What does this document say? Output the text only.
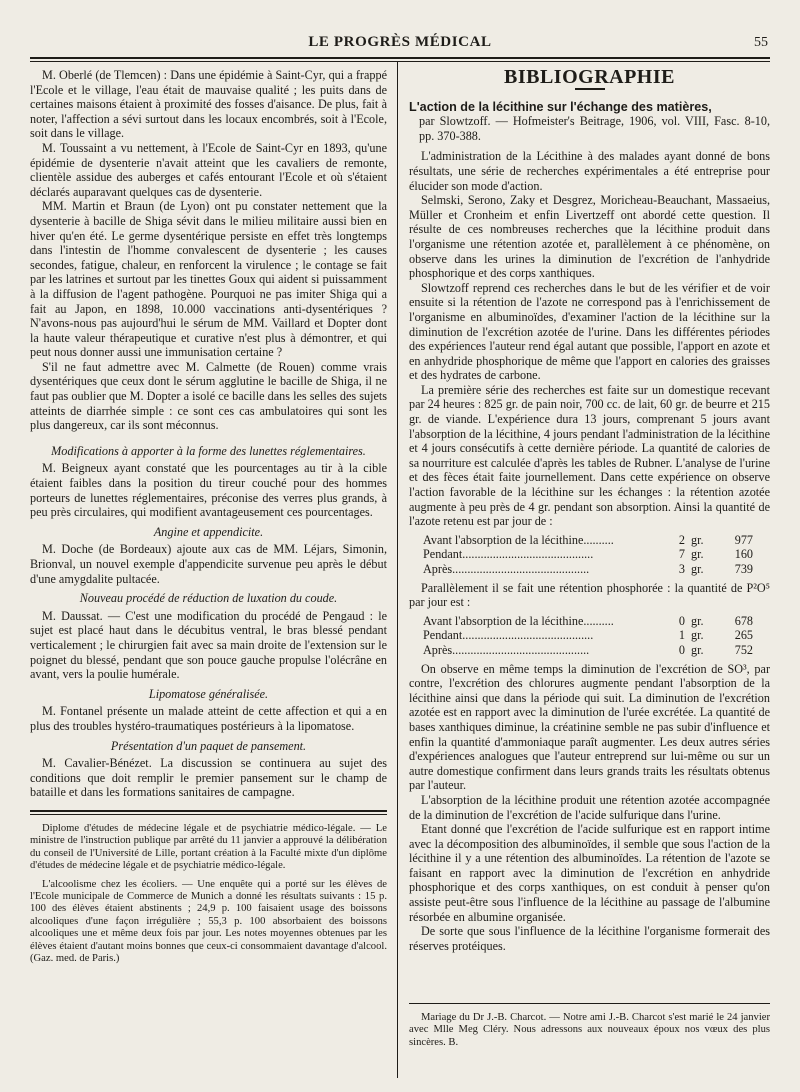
LE PROGRÈS MÉDICAL	55

M. Oberlé (de Tlemcen) : Dans une épidémie à Saint-Cyr, qui a frappé l'Ecole et le village, l'eau était de mauvaise qualité ; les puits dans de certaines maisons étaient à proximité des fosses d'aisance. De plus, fait à noter, l'affection a sévi surtout dans les locaux encombrés, soit à l'Ecole, soit dans le village.

M. Toussaint a vu nettement, à l'Ecole de Saint-Cyr en 1893, qu'une épidémie de dysenterie n'avait atteint que les cavaliers de remonte, clientèle assidue des auberges et cafés entourant l'Ecole et où s'étaient déclarés auparavant quelques cas de dysenterie.

MM. Martin et Braun (de Lyon) ont pu constater nettement que la dysenterie à bacille de Shiga sévit dans le milieu militaire aussi bien en hiver qu'en été. Le germe dysentérique persiste en effet très longtemps dans l'intestin de l'homme convalescent de dysenterie ; les causes secondes, fatigue, chaleur, en renforcent la virulence ; le contage se fait par les latrines et surtout par les tinettes Goux qui aident si puissamment à la diffusion de l'agent pathogène. Pourquoi ne pas imiter Shiga qui a fait au Japon, en 1898, 10.000 vaccinations anti-dysentériques ? N'avons-nous pas aujourd'hui le sérum de MM. Vaillard et Dopter dont la haute valeur thérapeutique et curative n'est plus à démontrer, et qui peut nous donner aussi une immunisation certaine ?

S'il ne faut admettre avec M. Calmette (de Rouen) comme vrais dysentériques que ceux dont le sérum agglutine le bacille de Shiga, il ne faut pas oublier que M. Dopter a isolé ce bacille dans les selles des sujets atteints de diarrhée simple : ce sont ces cas ambulatoires qui sont les plus dangereux, car ils sont méconnus.

Modifications à apporter à la forme des lunettes réglementaires.

M. Beigneux ayant constaté que les pourcentages au tir à la cible étaient faibles dans la position du tireur couché pour des hommes porteurs de lunettes réglementaires, préconise des verres plus grands, à peu près circulaires, qui modifient avantageusement ces pourcentages.

Angine et appendicite.

M. Doche (de Bordeaux) ajoute aux cas de MM. Léjars, Simonin, Brionval, un nouvel exemple d'appendicite survenue peu après le début d'une amygdalite pultacée.

Nouveau procédé de réduction de luxation du coude.

M. Daussat. — C'est une modification du procédé de Pengaud : le sujet est placé haut dans le décubitus ventral, le bras blessé pendant verticalement ; le chirurgien fait avec sa main droite de l'extension sur le poignet du blessé, pendant que son pouce gauche propulse l'olécrâne en avant, vers la poulie humérale.

Lipomatose généralisée.

M. Fontanel présente un malade atteint de cette affection et qui a en plus des troubles hystéro-traumatiques postérieurs à la lipomatose.

Présentation d'un paquet de pansement.

M. Cavalier-Bénézet. La discussion se continuera au sujet des conditions que doit remplir le premier pansement sur le champ de bataille et dans les formations sanitaires de campagne.

Diplome d'études de médecine légale et de psychiatrie médico-légale. — Le ministre de l'instruction publique par arrêté du 11 janvier a approuvé la délibération du conseil de l'Université de Lille, portant création à la Faculté mixte d'un diplôme d'études de médecine légale et de psychiatrie médico-légale.

L'alcoolisme chez les écoliers. — Une enquête qui a porté sur les élèves de l'Ecole municipale de Commerce de Munich a donné les résultats suivants : 15 p. 100 des élèves étaient abstinents ; 24,9 p. 100 faisaient usage des boissons alcooliques d'une façon irrégulière ; 55,3 p. 100 absorbaient des boissons alcooliques une et même deux fois par jour. Les notes moyennes obtenues par les élèves étaient d'autant moins bonnes que ceux-ci consommaient davantage d'alcool. (Gaz. med. de Paris.)

BIBLIOGRAPHIE

L'action de la lécithine sur l'échange des matières,

par Slowtzoff. — Hofmeister's Beitrage, 1906, vol. VIII, Fasc. 8-10, pp. 370-388.

L'administration de la Lécithine à des malades ayant donné de bons résultats, une série de recherches expérimentales a été entreprise pour élucider son mode d'action.

Selmski, Serono, Zaky et Desgrez, Moricheau-Beauchant, Massaeius, Müller et Cronheim et enfin Livertzeff ont abordé cette question. Il résulte de ces nombreuses recherches que la lécithine produit dans l'organisme une rétention azotée et, parallèlement à ce phénomène, on observe dans les urines la diminution de l'excrétion de l'anhydride phosphorique et des corps xanthiques.

Slowtzoff reprend ces recherches dans le but de les vérifier et de voir ensuite si la rétention de l'azote ne correspond pas à l'enrichissement de l'organisme en albuminoïdes, d'examiner l'action de la lécithine sur la diminution de l'excrétion azotée de l'urine. Dans les différentes périodes des expériences l'auteur rend égal autant que possible, l'apport en azote et en anhydride phosphorique de même que l'apport en calories des graisses et des hydrates de carbone.

La première série des recherches est faite sur un domestique recevant par 24 heures : 825 gr. de pain noir, 700 cc. de lait, 60 gr. de beurre et 215 gr. de viande. L'expérience dura 13 jours, comprenant 5 jours avant l'absorption de la lécithine, 4 jours pendant l'administration de la lécithine et 4 jours consécutifs à cette dernière période. La quantité de calories de sa nourriture est calculée d'après les tables de Rubner. L'analyse de l'urine et des fèces était faite journellement. Dans cette expérience on observe l'action favorable de la lécithine sur les échanges : la rétention azotée augmente à peu près de 4 gr. pendant son absorption. Ainsi la quantité de l'azote retenu est par jour de :

Avant l'absorption de la lécithine..........	2	gr.	977
Pendant...........................................	7	gr.	160
Après.............................................	3	gr.	739

Parallèlement il se fait une rétention phosphorée : la quantité de P²O⁵ par jour est :

Avant l'absorption de la lécithine..........	0	gr.	678
Pendant...........................................	1	gr.	265
Après.............................................	0	gr.	752

On observe en même temps la diminution de l'excrétion de SO³, par contre, l'excrétion des chlorures augmente pendant l'absorption de la lécithine ainsi que dans la période qui suit. La diminution de l'excrétion azotée est en rapport avec la diminution de l'urée excrétée. La quantité de bases xanthiques diminue, la créatinine semble ne pas subir d'influence et enfin la quantité d'ammoniaque paraît augmenter. Les deux autres séries d'expériences analogues que l'auteur entreprend sur lui-même ou sur un autre domestique confirment dans leurs grands traits les résultats obtenus par l'auteur.

L'absorption de la lécithine produit une rétention azotée accompagnée de la diminution de l'excrétion de l'acide sulfurique dans l'urine.

Etant donné que l'excrétion de l'acide sulfurique est en rapport intime avec la décomposition des albuminoïdes, il semble que sous l'action de la lécithine il y a une rétention des albuminoïdes. La rétention de l'azote se faisant en rapport avec la diminution de l'excrétion en anhydride phosphorique et des corps xanthiques, on est conduit à penser qu'on assiste peut-être sous l'influence de la lécithine au passage de l'albumine résorbée en albumine organisée.

De sorte que sous l'influence de la lécithine l'organisme formerait des réserves protéiques.

Mariage du Dr J.-B. Charcot. — Notre ami J.-B. Charcot s'est marié le 24 janvier avec Mlle Meg Cléry. Nous adressons aux nouveaux époux nos vœux des plus sincères. B.
